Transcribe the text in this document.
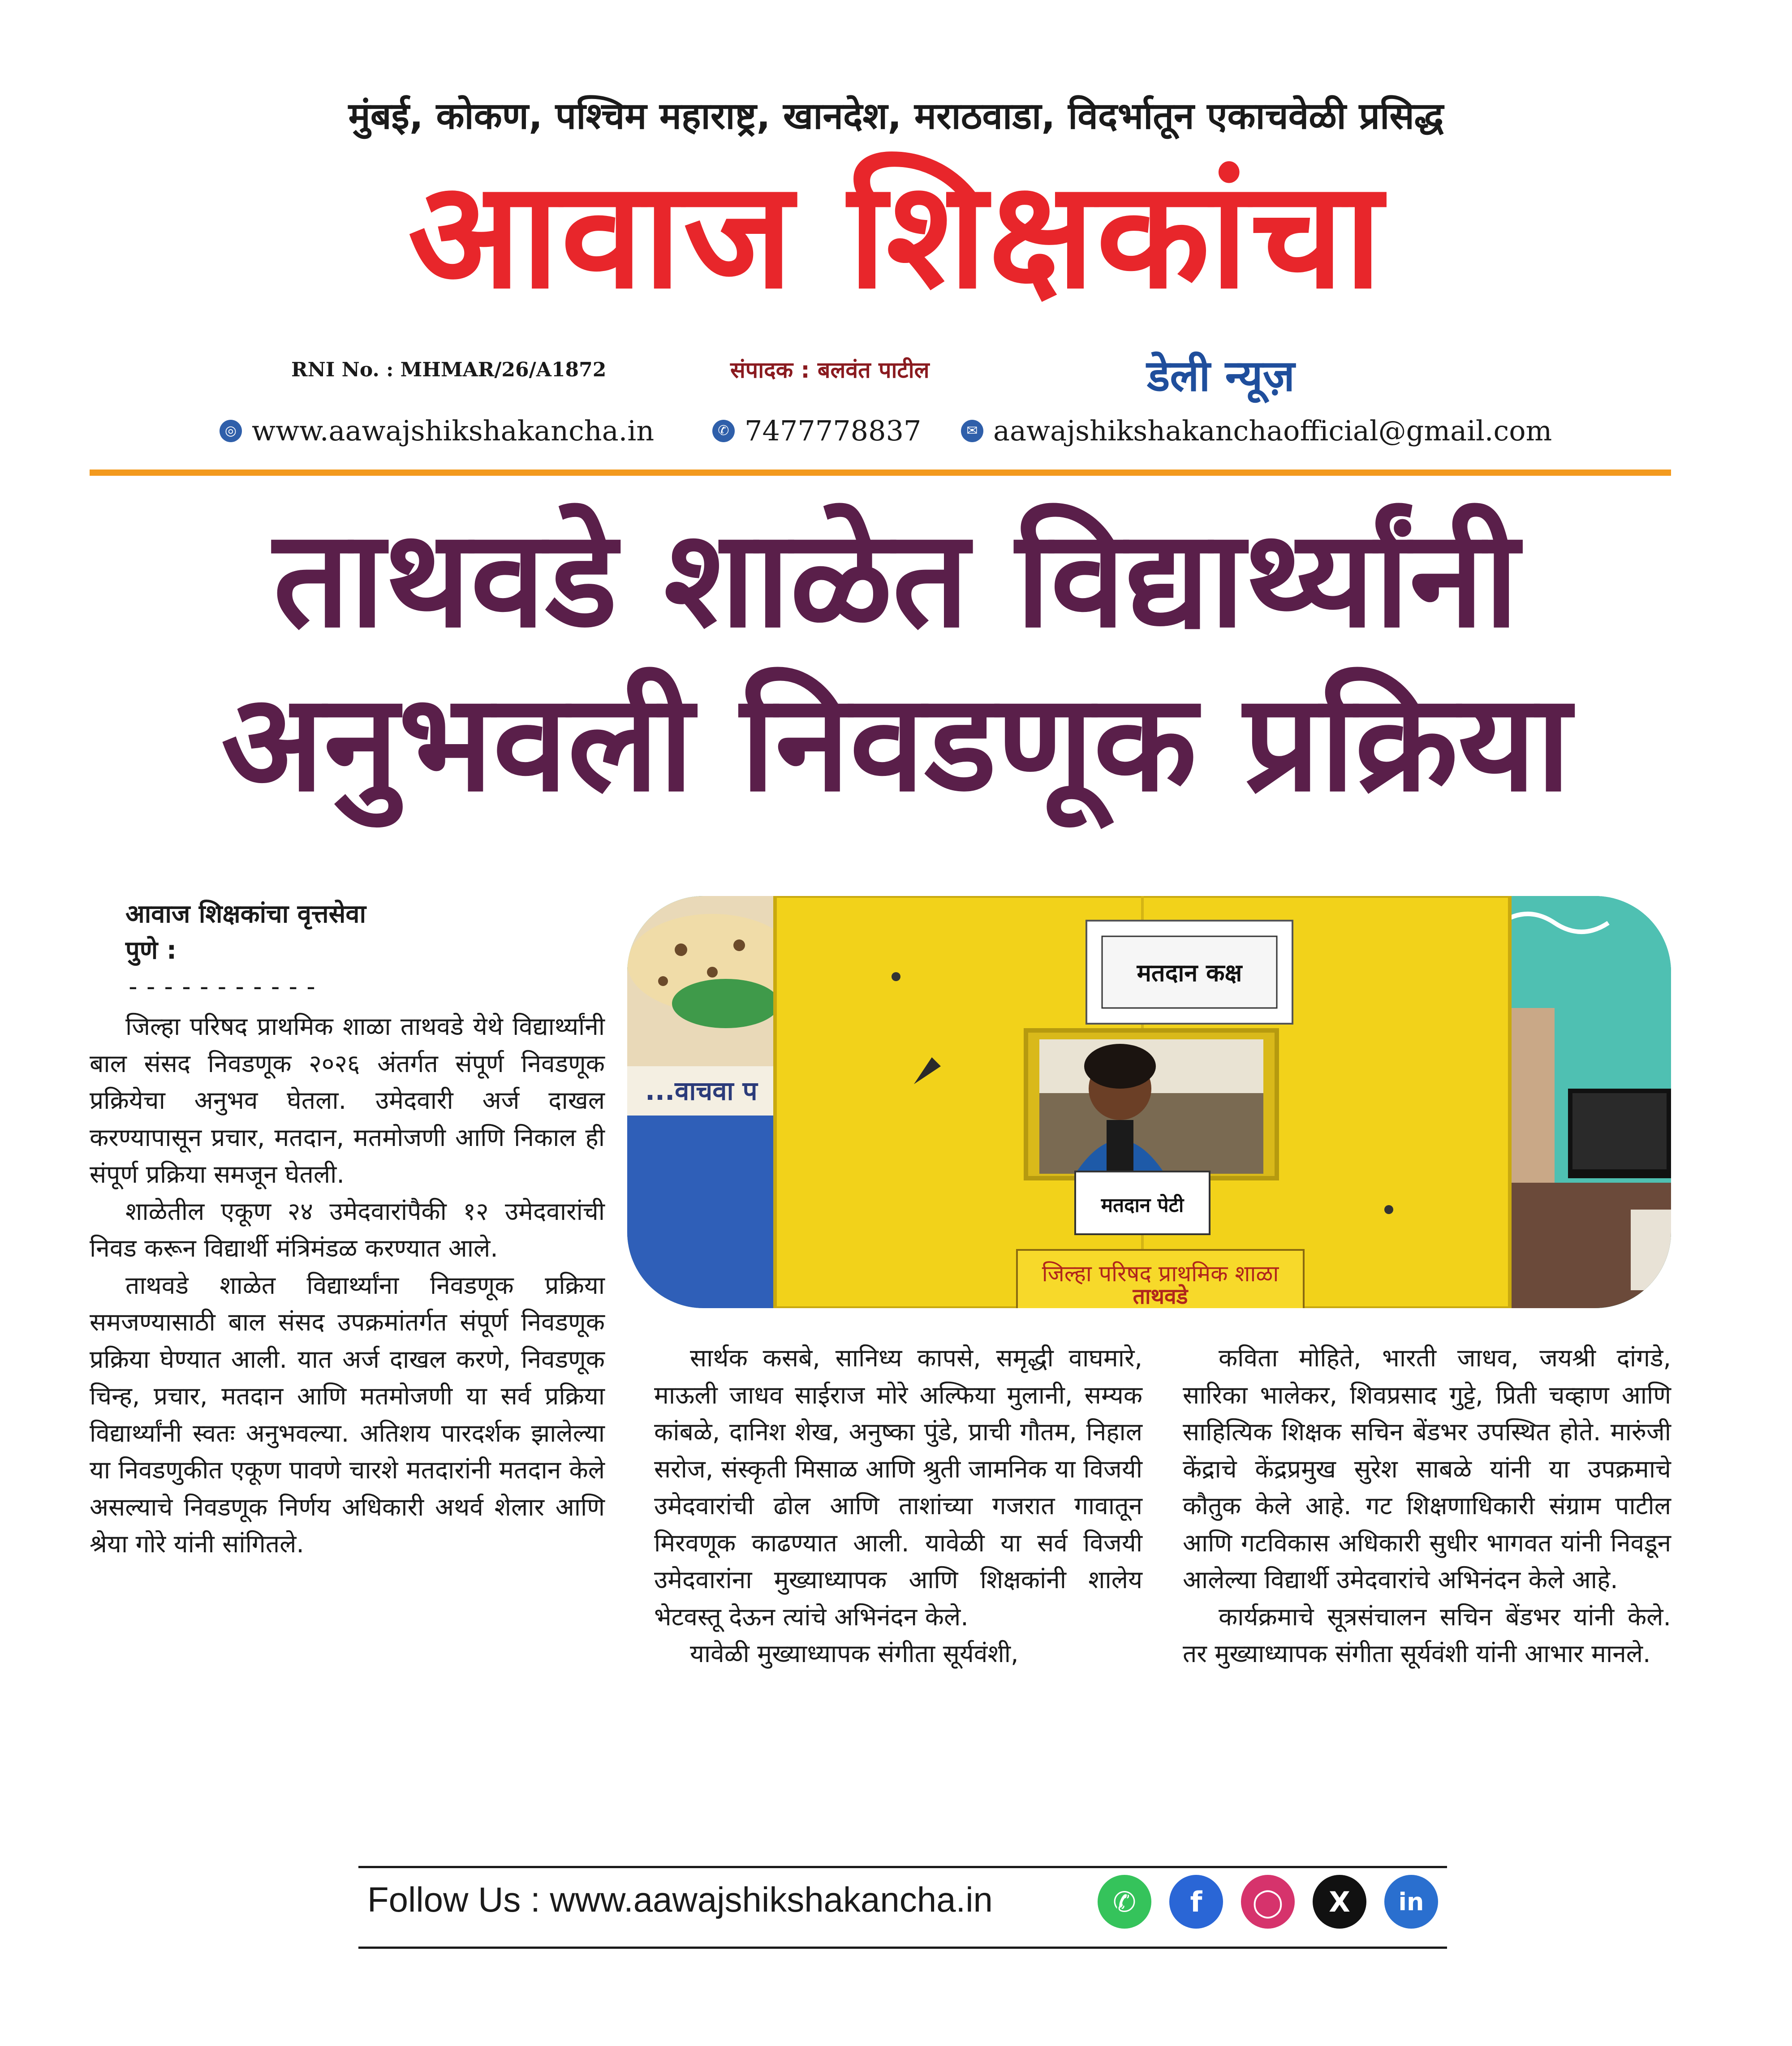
मुंबई, कोकण, पश्चिम महाराष्ट्र, खानदेश, मराठवाडा, विदर्भातून एकाचवेळी प्रसिद्ध
आवाज शिक्षकांचा
RNI No. : MHMAR/26/A1872	संपादक : बलवंत पाटील	डेली न्यूज़
◎ www.aawajshikshakancha.in	✆ 7477778837	✉ aawajshikshakanchaofficial@gmail.com
ताथवडे शाळेत विद्यार्थ्यांनी
अनुभवली निवडणूक प्रक्रिया
आवाज शिक्षकांचा वृत्तसेवा
पुणे :
-----------

जिल्हा परिषद प्राथमिक शाळा ताथवडे येथे विद्यार्थ्यांनी बाल संसद निवडणूक २०२६ अंतर्गत संपूर्ण निवडणूक प्रक्रियेचा अनुभव घेतला. उमेदवारी अर्ज दाखल करण्यापासून प्रचार, मतदान, मतमोजणी आणि निकाल ही संपूर्ण प्रक्रिया समजून घेतली.

शाळेतील एकूण २४ उमेदवारांपैकी १२ उमेदवारांची निवड करून विद्यार्थी मंत्रिमंडळ करण्यात आले.

ताथवडे शाळेत विद्यार्थ्यांना निवडणूक प्रक्रिया समजण्यासाठी बाल संसद उपक्रमांतर्गत संपूर्ण निवडणूक प्रक्रिया घेण्यात आली. यात अर्ज दाखल करणे, निवडणूक चिन्ह, प्रचार, मतदान आणि मतमोजणी या सर्व प्रक्रिया विद्यार्थ्यांनी स्वतः अनुभवल्या. अतिशय पारदर्शक झालेल्या या निवडणुकीत एकूण पावणे चारशे मतदारांनी मतदान केले असल्याचे निवडणूक निर्णय अधिकारी अथर्व शेलार आणि श्रेया गोरे यांनी सांगितले.

...वाचवा प
मतदान कक्ष
मतदान पेटी
जिल्हा परिषद प्राथमिक शाळा
ताथवडे

सार्थक कसबे, सानिध्य कापसे, समृद्धी वाघमारे, माऊली जाधव साईराज मोरे अल्फिया मुलानी, सम्यक कांबळे, दानिश शेख, अनुष्का पुंडे, प्राची गौतम, निहाल सरोज, संस्कृती मिसाळ आणि श्रुती जामनिक या विजयी उमेदवारांची ढोल आणि ताशांच्या गजरात गावातून मिरवणूक काढण्यात आली. यावेळी या सर्व विजयी उमेदवारांना मुख्याध्यापक आणि शिक्षकांनी शालेय भेटवस्तू देऊन त्यांचे अभिनंदन केले.

यावेळी मुख्याध्यापक संगीता सूर्यवंशी,

कविता मोहिते, भारती जाधव, जयश्री दांगडे, सारिका भालेकर, शिवप्रसाद गुट्टे, प्रिती चव्हाण आणि साहित्यिक शिक्षक सचिन बेंडभर उपस्थित होते. मारुंजी केंद्राचे केंद्रप्रमुख सुरेश साबळे यांनी या उपक्रमाचे कौतुक केले आहे. गट शिक्षणाधिकारी संग्राम पाटील आणि गटविकास अधिकारी सुधीर भागवत यांनी निवडून आलेल्या विद्यार्थी उमेदवारांचे अभिनंदन केले आहे.

कार्यक्रमाचे सूत्रसंचालन सचिन बेंडभर यांनी केले. तर मुख्याध्यापक संगीता सूर्यवंशी यांनी आभार मानले.

Follow Us : www.aawajshikshakancha.in	✆	f	◯	X	in
